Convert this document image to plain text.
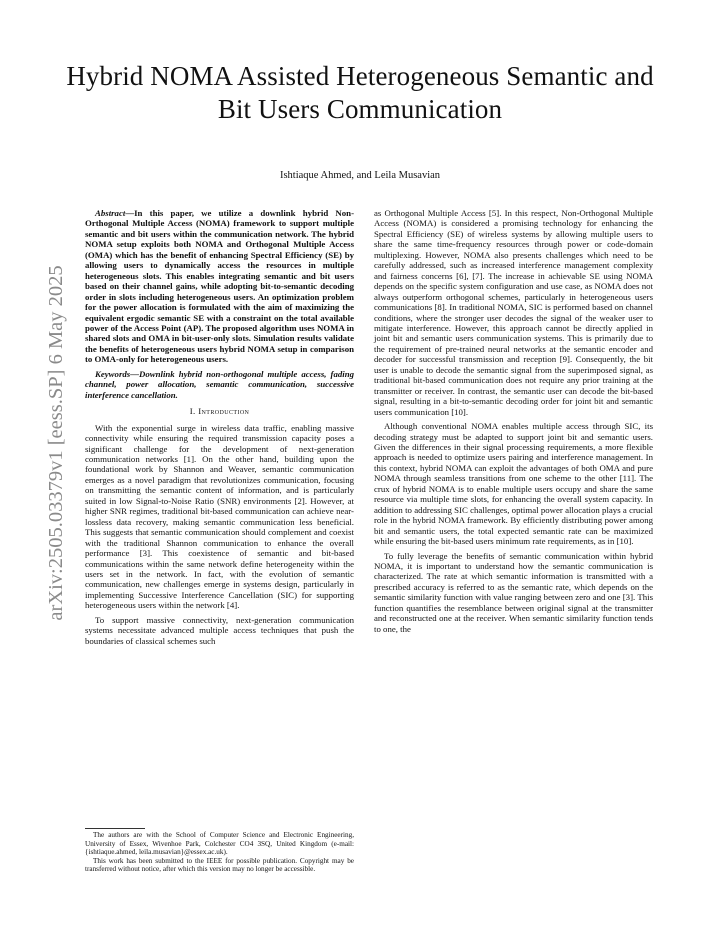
Hybrid NOMA Assisted Heterogeneous Semantic and Bit Users Communication
Ishtiaque Ahmed, and Leila Musavian
arXiv:2505.03379v1 [eess.SP] 6 May 2025

Abstract—In this paper, we utilize a downlink hybrid Non-Orthogonal Multiple Access (NOMA) framework to support multiple semantic and bit users within the communication network. The hybrid NOMA setup exploits both NOMA and Orthogonal Multiple Access (OMA) which has the benefit of enhancing Spectral Efficiency (SE) by allowing users to dynamically access the resources in multiple heterogeneous slots. This enables integrating semantic and bit users based on their channel gains, while adopting bit-to-semantic decoding order in slots including heterogeneous users. An optimization problem for the power allocation is formulated with the aim of maximizing the equivalent ergodic semantic SE with a constraint on the total available power of the Access Point (AP). The proposed algorithm uses NOMA in shared slots and OMA in bit-user-only slots. Simulation results validate the benefits of heterogeneous users hybrid NOMA setup in comparison to OMA-only for heterogeneous users.

Keywords—Downlink hybrid non-orthogonal multiple access, fading channel, power allocation, semantic communication, successive interference cancellation.

I. Introduction

With the exponential surge in wireless data traffic, enabling massive connectivity while ensuring the required transmission capacity poses a significant challenge for the development of next-generation communication networks [1]. On the other hand, building upon the foundational work by Shannon and Weaver, semantic communication emerges as a novel paradigm that revolutionizes communication, focusing on transmitting the semantic content of information, and is particularly suited in low Signal-to-Noise Ratio (SNR) environments [2]. However, at higher SNR regimes, traditional bit-based communication can achieve near-lossless data recovery, making semantic communication less beneficial. This suggests that semantic communication should complement and coexist with the traditional Shannon communication to enhance the overall performance [3]. This coexistence of semantic and bit-based communications within the same network define heterogeneity within the users set in the network. In fact, with the evolution of semantic communication, new challenges emerge in systems design, particularly in implementing Successive Interference Cancellation (SIC) for supporting heterogeneous users within the network [4].

To support massive connectivity, next-generation communication systems necessitate advanced multiple access techniques that push the boundaries of classical schemes such

as Orthogonal Multiple Access [5]. In this respect, Non-Orthogonal Multiple Access (NOMA) is considered a promising technology for enhancing the Spectral Efficiency (SE) of wireless systems by allowing multiple users to share the same time-frequency resources through power or code-domain multiplexing. However, NOMA also presents challenges which need to be carefully addressed, such as increased interference management complexity and fairness concerns [6], [7]. The increase in achievable SE using NOMA depends on the specific system configuration and use case, as NOMA does not always outperform orthogonal schemes, particularly in heterogeneous users communications [8]. In traditional NOMA, SIC is performed based on channel conditions, where the stronger user decodes the signal of the weaker user to mitigate interference. However, this approach cannot be directly applied in joint bit and semantic users communication systems. This is primarily due to the requirement of pre-trained neural networks at the semantic encoder and decoder for successful transmission and reception [9]. Consequently, the bit user is unable to decode the semantic signal from the superimposed signal, as traditional bit-based communication does not require any prior training at the transmitter or receiver. In contrast, the semantic user can decode the bit-based signal, resulting in a bit-to-semantic decoding order for joint bit and semantic users communication [10].

Although conventional NOMA enables multiple access through SIC, its decoding strategy must be adapted to support joint bit and semantic users. Given the differences in their signal processing requirements, a more flexible approach is needed to optimize users pairing and interference management. In this context, hybrid NOMA can exploit the advantages of both OMA and pure NOMA through seamless transitions from one scheme to the other [11]. The crux of hybrid NOMA is to enable multiple users occupy and share the same resource via multiple time slots, for enhancing the overall system capacity. In addition to addressing SIC challenges, optimal power allocation plays a crucial role in the hybrid NOMA framework. By efficiently distributing power among bit and semantic users, the total expected semantic rate can be maximized while ensuring the bit-based users minimum rate requirements, as in [10].

To fully leverage the benefits of semantic communication within hybrid NOMA, it is important to understand how the semantic communication is characterized. The rate at which semantic information is transmitted with a prescribed accuracy is referred to as the semantic rate, which depends on the semantic similarity function with value ranging between zero and one [3]. This function quantifies the resemblance between original signal at the transmitter and reconstructed one at the receiver. When semantic similarity function tends to one, the

The authors are with the School of Computer Science and Electronic Engineering, University of Essex, Wivenhoe Park, Colchester CO4 3SQ, United Kingdom (e-mail: {ishtiaque.ahmed, leila.musavian}@essex.ac.uk).

This work has been submitted to the IEEE for possible publication. Copyright may be transferred without notice, after which this version may no longer be accessible.
